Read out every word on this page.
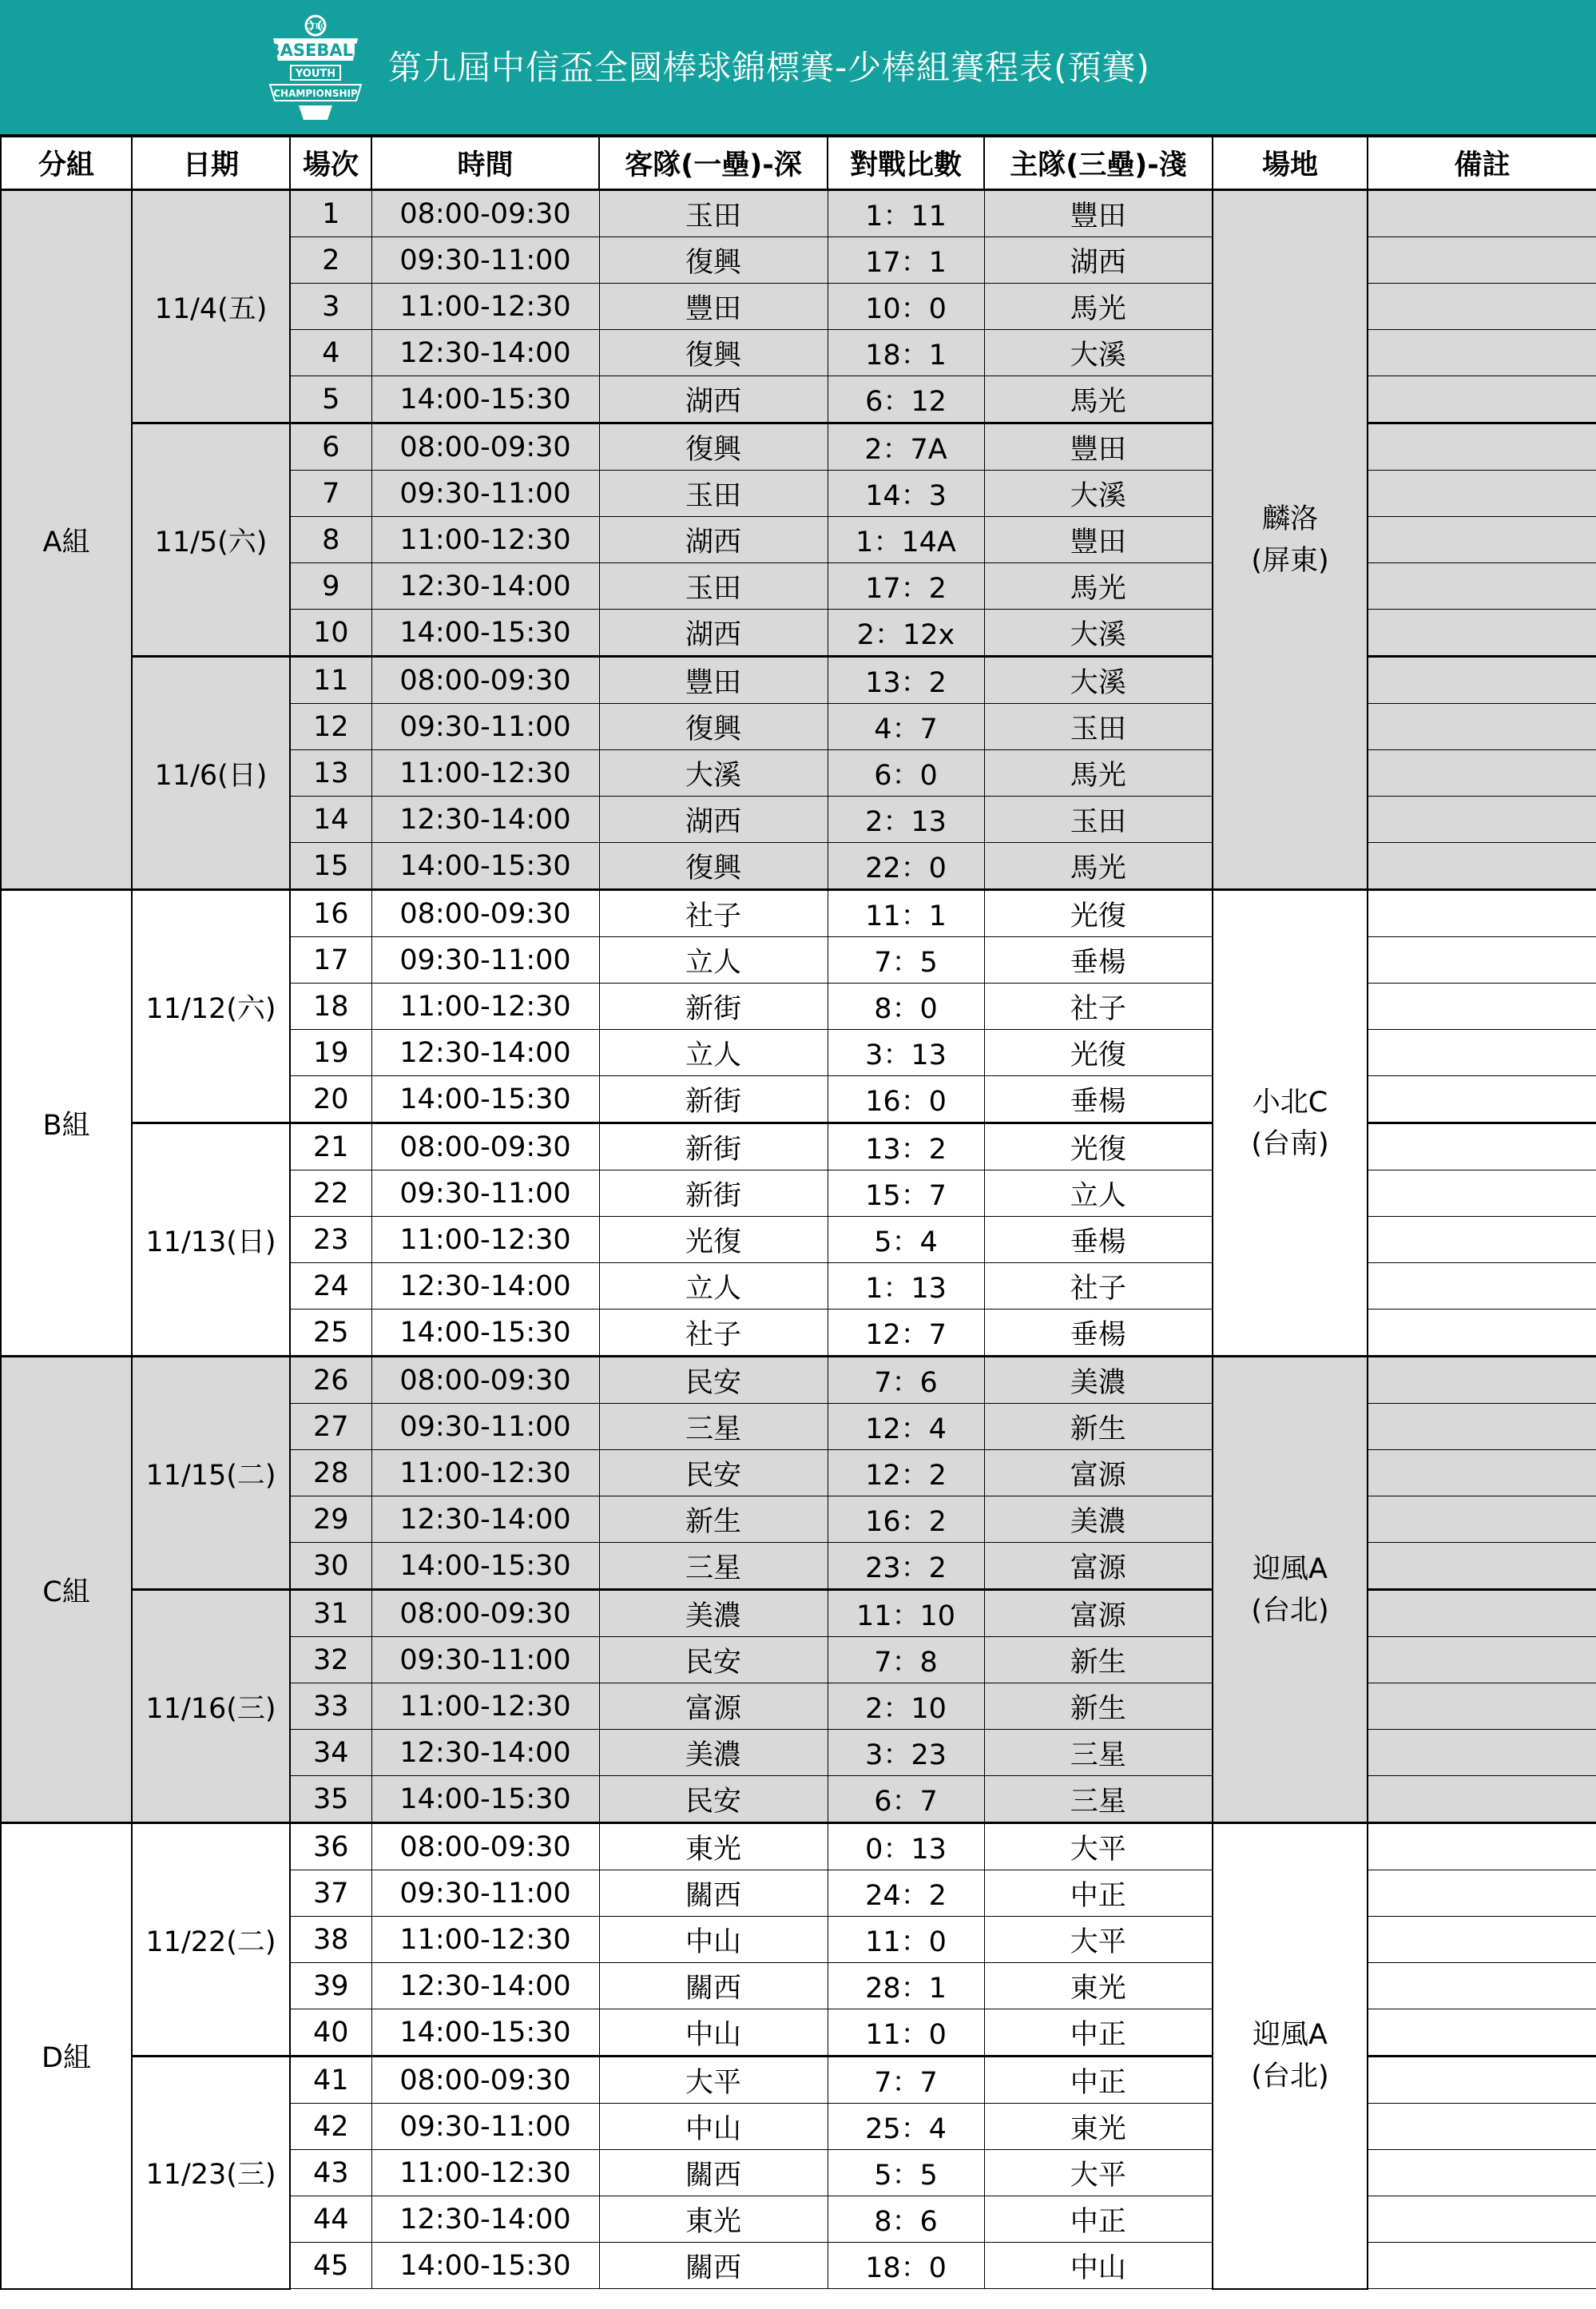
CTBC
BASEBALL
YOUTH
CHAMPIONSHIP
第九屆中信盃全國棒球錦標賽-少棒組賽程表(預賽)
分組	日期	場次	時間	客隊(一壘)-深	對戰比數	主隊(三壘)-淺	場地	備註
A組	11/4(五)	1	08:00-09:30	玉田	1：11	豐田	麟洛
(屏東)	

		2	09:30-11:00	復興	17：1	湖西		
		3	11:00-12:30	豐田	10：0	馬光		
		4	12:30-14:00	復興	18：1	大溪		
		5	14:00-15:30	湖西	6：12	馬光		
	11/5(六)	6	08:00-09:30	復興	2：7A	豐田		
		7	09:30-11:00	玉田	14：3	大溪		
		8	11:00-12:30	湖西	1：14A	豐田		
		9	12:30-14:00	玉田	17：2	馬光		
		10	14:00-15:30	湖西	2：12x	大溪		
	11/6(日)	11	08:00-09:30	豐田	13：2	大溪		
		12	09:30-11:00	復興	4：7	玉田		
		13	11:00-12:30	大溪	6：0	馬光		
		14	12:30-14:00	湖西	2：13	玉田		
		15	14:00-15:30	復興	22：0	馬光		
B組	11/12(六)	16	08:00-09:30	社子	11：1	光復	小北C
(台南)	

		17	09:30-11:00	立人	7：5	垂楊		
		18	11:00-12:30	新街	8：0	社子		
		19	12:30-14:00	立人	3：13	光復		
		20	14:00-15:30	新街	16：0	垂楊		
	11/13(日)	21	08:00-09:30	新街	13：2	光復		
		22	09:30-11:00	新街	15：7	立人		
		23	11:00-12:30	光復	5：4	垂楊		
		24	12:30-14:00	立人	1：13	社子		
		25	14:00-15:30	社子	12：7	垂楊		
C組	11/15(二)	26	08:00-09:30	民安	7：6	美濃	迎風A
(台北)	

		27	09:30-11:00	三星	12：4	新生		
		28	11:00-12:30	民安	12：2	富源		
		29	12:30-14:00	新生	16：2	美濃		
		30	14:00-15:30	三星	23：2	富源		
	11/16(三)	31	08:00-09:30	美濃	11：10	富源		
		32	09:30-11:00	民安	7：8	新生		
		33	11:00-12:30	富源	2：10	新生		
		34	12:30-14:00	美濃	3：23	三星		
		35	14:00-15:30	民安	6：7	三星		
D組	11/22(二)	36	08:00-09:30	東光	0：13	大平	迎風A
(台北)	

		37	09:30-11:00	關西	24：2	中正		
		38	11:00-12:30	中山	11：0	大平		
		39	12:30-14:00	關西	28：1	東光		
		40	14:00-15:30	中山	11：0	中正		
	11/23(三)	41	08:00-09:30	大平	7：7	中正		
		42	09:30-11:00	中山	25：4	東光		
		43	11:00-12:30	關西	5：5	大平		
		44	12:30-14:00	東光	8：6	中正		
		45	14:00-15:30	關西	18：0	中山		
